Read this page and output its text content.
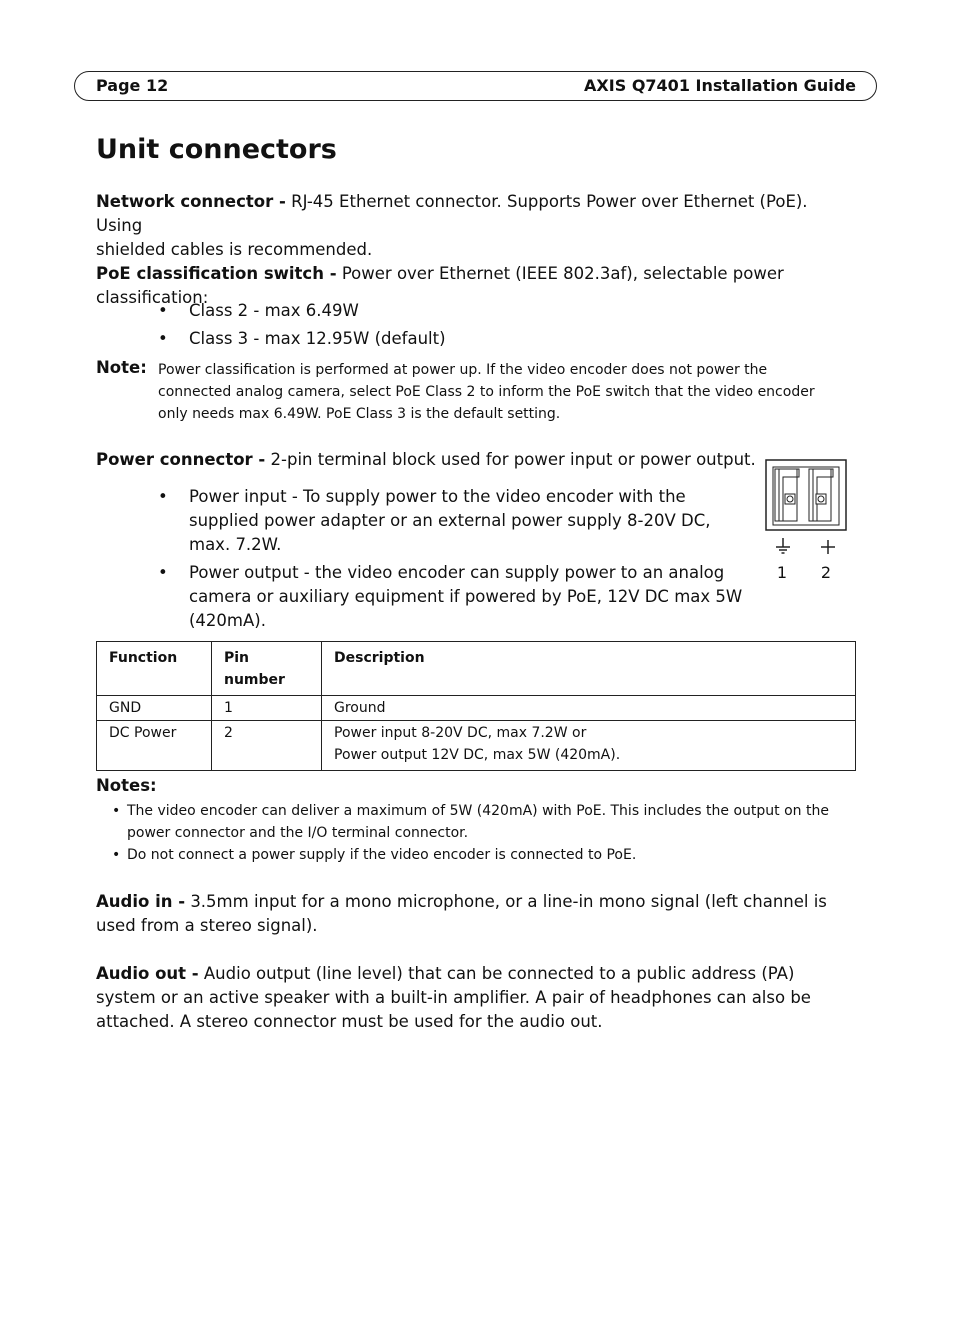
Page 12	AXIS Q7401 Installation Guide
Unit connectors
Network connector - RJ-45 Ethernet connector. Supports Power over Ethernet (PoE). Using
shielded cables is recommended.
PoE classification switch - Power over Ethernet (IEEE 802.3af), selectable power classification:
• Class 2 - max 6.49W
• Class 3 - max 12.95W (default)
Note: Power classification is performed at power up. If the video encoder does not power the connected analog camera, select PoE Class 2 to inform the PoE switch that the video encoder only needs max 6.49W. PoE Class 3 is the default setting.
Power connector - 2-pin terminal block used for power input or power output.
• Power input - To supply power to the video encoder with the supplied power adapter or an external power supply 8-20V DC, max. 7.2W.
• Power output - the video encoder can supply power to an analog camera or auxiliary equipment if powered by PoE, 12V DC max 5W (420mA).
1 2
Function	Pin number	Description
GND	1	Ground
DC Power	2	Power input 8-20V DC, max 7.2W or
Power output 12V DC, max 5W (420mA).
Notes:
• The video encoder can deliver a maximum of 5W (420mA) with PoE. This includes the output on the power connector and the I/O terminal connector.
• Do not connect a power supply if the video encoder is connected to PoE.
Audio in - 3.5mm input for a mono microphone, or a line-in mono signal (left channel is used from a stereo signal).
Audio out - Audio output (line level) that can be connected to a public address (PA) system or an active speaker with a built-in amplifier. A pair of headphones can also be attached. A stereo connector must be used for the audio out.
